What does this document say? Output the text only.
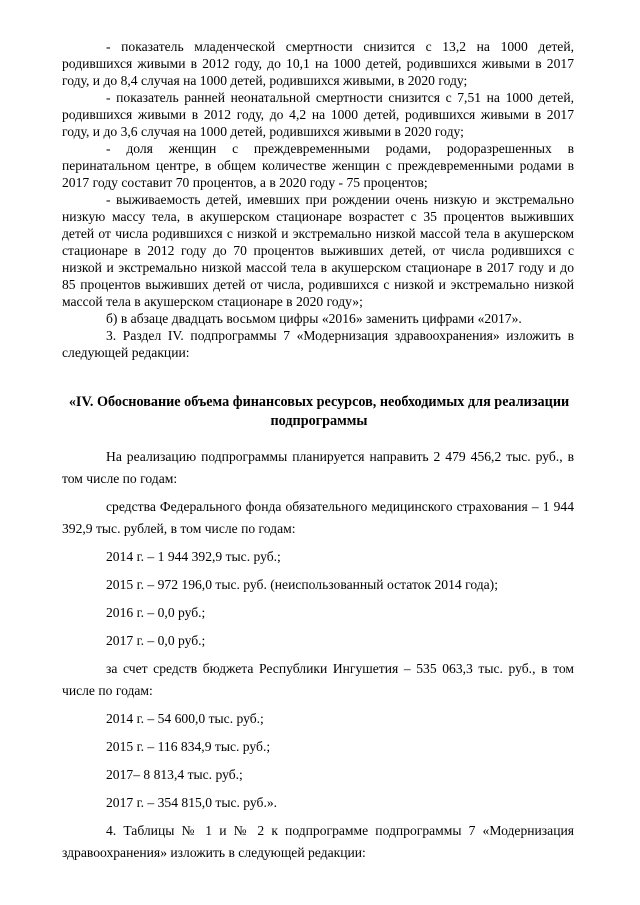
- показатель младенческой смертности снизится с 13,2 на 1000 детей, родившихся живыми в 2012 году, до 10,1 на 1000 детей, родившихся живыми в 2017 году, и до 8,4 случая на 1000 детей, родившихся живыми, в 2020 году;

- показатель ранней неонатальной смертности снизится с 7,51 на 1000 детей, родившихся живыми в 2012 году, до 4,2 на 1000 детей, родившихся живыми в 2017 году, и до 3,6 случая на 1000 детей, родившихся живыми в 2020 году;

- доля женщин с преждевременными родами, родоразрешенных в перинатальном центре, в общем количестве женщин с преждевременными родами в 2017 году составит 70 процентов, а в 2020 году - 75 процентов;

- выживаемость детей, имевших при рождении очень низкую и экстремально низкую массу тела, в акушерском стационаре возрастет с 35 процентов выживших детей от числа родившихся с низкой и экстремально низкой массой тела в акушерском стационаре в 2012 году до 70 процентов выживших детей, от числа родившихся с низкой и экстремально низкой массой тела в акушерском стационаре в 2017 году и до 85 процентов выживших детей от числа, родившихся с низкой и экстремально низкой массой тела в акушерском стационаре в 2020 году»;

б) в абзаце двадцать восьмом цифры «2016» заменить цифрами «2017».

3. Раздел IV. подпрограммы 7 «Модернизация здравоохранения» изложить в следующей редакции:

«IV. Обоснование объема финансовых ресурсов, необходимых для реализации подпрограммы

На реализацию подпрограммы планируется направить 2 479 456,2 тыс. руб., в том числе по годам:

средства Федерального фонда обязательного медицинского страхования – 1 944 392,9 тыс. рублей, в том числе по годам:

2014 г. – 1 944 392,9 тыс. руб.;

2015 г. – 972 196,0 тыс. руб. (неиспользованный остаток 2014 года);

2016 г. – 0,0 руб.;

2017 г. – 0,0 руб.;

за счет средств бюджета Республики Ингушетия – 535 063,3 тыс. руб., в том числе по годам:

2014 г. – 54 600,0 тыс. руб.;

2015 г. – 116 834,9 тыс. руб.;

2017– 8 813,4 тыс. руб.;

2017 г. – 354 815,0 тыс. руб.».

4. Таблицы № 1 и № 2 к подпрограмме подпрограммы 7 «Модернизация здравоохранения» изложить в следующей редакции:
